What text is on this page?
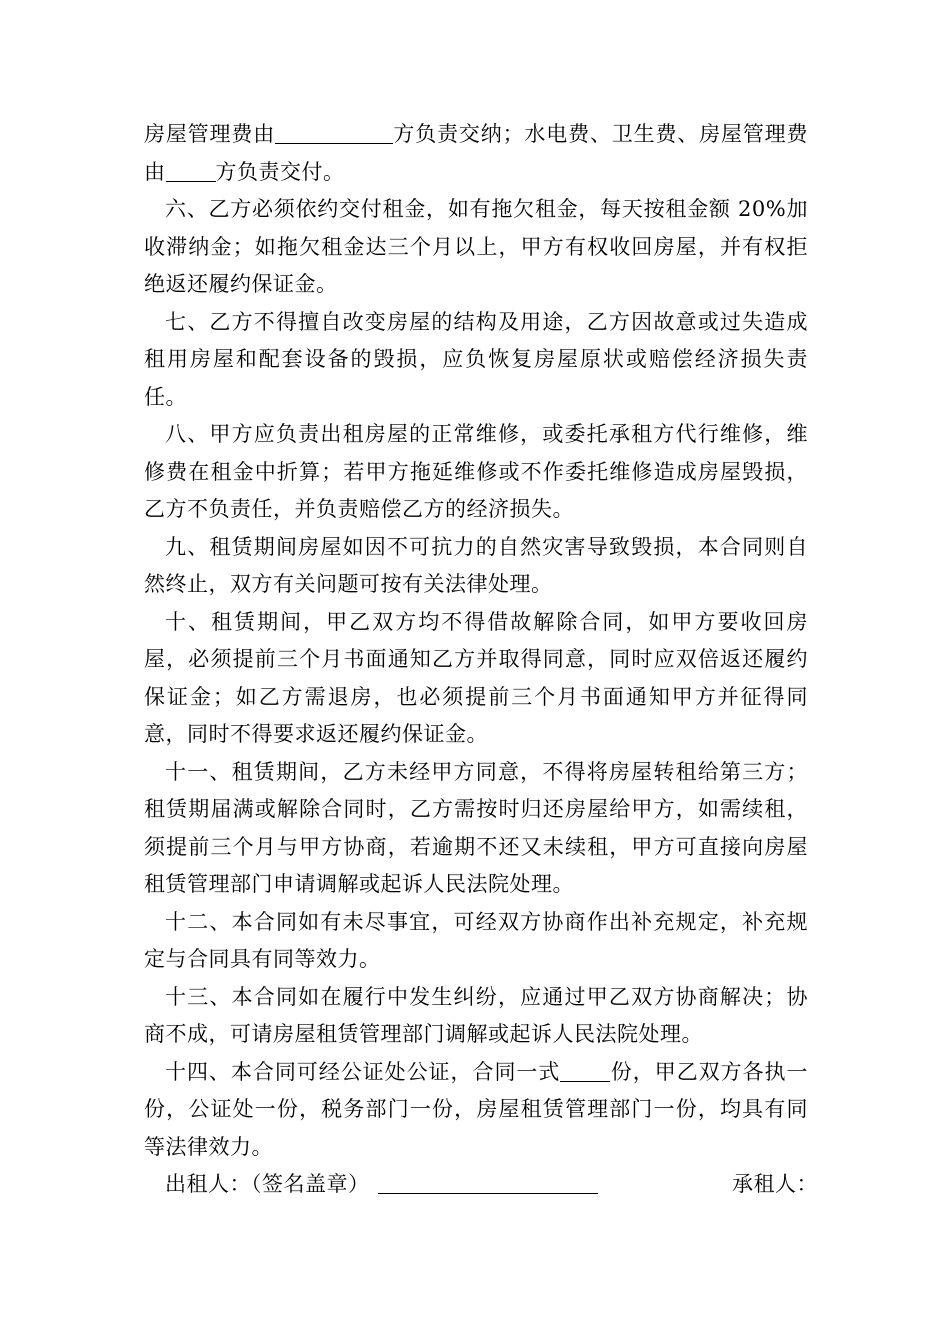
房屋管理费由	方负责交纳；水电费、卫生费、房屋管理费由 方负责交付。

六、乙方必须依约交付租金，如有拖欠租金，每天按租金额 20%加收滞纳金；如拖欠租金达三个月以上，甲方有权收回房屋，并有权拒绝返还履约保证金。

七、乙方不得擅自改变房屋的结构及用途，乙方因故意或过失造成租用房屋和配套设备的毁损，应负恢复房屋原状或赔偿经济损失责任。

八、甲方应负责出租房屋的正常维修，或委托承租方代行维修，维修费在租金中折算；若甲方拖延维修或不作委托维修造成房屋毁损，乙方不负责任，并负责赔偿乙方的经济损失。

九、租赁期间房屋如因不可抗力的自然灾害导致毁损，本合同则自然终止，双方有关问题可按有关法律处理。

十、租赁期间，甲乙双方均不得借故解除合同，如甲方要收回房屋，必须提前三个月书面通知乙方并取得同意，同时应双倍返还履约保证金；如乙方需退房，也必须提前三个月书面通知甲方并征得同意，同时不得要求返还履约保证金。

十一、租赁期间，乙方未经甲方同意，不得将房屋转租给第三方；租赁期届满或解除合同时，乙方需按时归还房屋给甲方，如需续租，须提前三个月与甲方协商，若逾期不还又未续租，甲方可直接向房屋租赁管理部门申请调解或起诉人民法院处理。

十二、本合同如有未尽事宜，可经双方协商作出补充规定，补充规定与合同具有同等效力。

十三、本合同如在履行中发生纠纷，应通过甲乙双方协商解决；协商不成，可请房屋租赁管理部门调解或起诉人民法院处理。

十四、本合同可经公证处公证，合同一式 份，甲乙双方各执一份，公证处一份，税务部门一份，房屋租赁管理部门一份，均具有同等法律效力。

出租人：（签名盖章）	承租人：
